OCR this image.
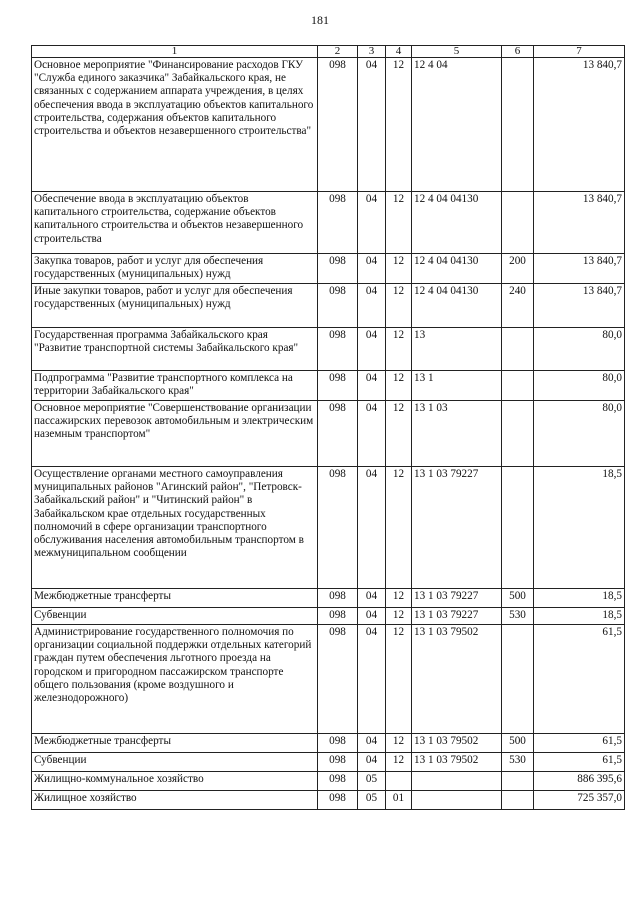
181
1	2	3	4	5	6	7
Основное мероприятие "Финансирование расходов ГКУ "Служба единого заказчика" Забайкальского края, не связанных с содержанием аппарата учреждения, в целях обеспечения ввода в эксплуатацию объектов капитального строительства, содержания объектов капитального строительства и объектов незавершенного строительства"	098	04	12	12 4 04		13 840,7
Обеспечение ввода в эксплуатацию объектов капитального строительства, содержание объектов капитального строительства и объектов незавершенного строительства	098	04	12	12 4 04 04130		13 840,7
Закупка товаров, работ и услуг для обеспечения государственных (муниципальных) нужд	098	04	12	12 4 04 04130	200	13 840,7
Иные закупки товаров, работ и услуг для обеспечения государственных (муниципальных) нужд	098	04	12	12 4 04 04130	240	13 840,7
Государственная программа Забайкальского края "Развитие транспортной системы Забайкальского края"	098	04	12	13		80,0
Подпрограмма "Развитие транспортного комплекса на территории Забайкальского края"	098	04	12	13 1		80,0
Основное мероприятие "Совершенствование организации пассажирских перевозок автомобильным и электрическим наземным транспортом"	098	04	12	13 1 03		80,0
Осуществление органами местного самоуправления муниципальных районов "Агинский район", "Петровск-Забайкальский район" и "Читинский район" в Забайкальском крае отдельных государственных полномочий в сфере организации транспортного обслуживания населения автомобильным транспортом в межмуниципальном сообщении	098	04	12	13 1 03 79227		18,5
Межбюджетные трансферты	098	04	12	13 1 03 79227	500	18,5
Субвенции	098	04	12	13 1 03 79227	530	18,5
Администрирование государственного полномочия по организации социальной поддержки отдельных категорий граждан путем обеспечения льготного проезда на городском и пригородном пассажирском транспорте общего пользования (кроме воздушного и железнодорожного)	098	04	12	13 1 03 79502		61,5
Межбюджетные трансферты	098	04	12	13 1 03 79502	500	61,5
Субвенции	098	04	12	13 1 03 79502	530	61,5
Жилищно-коммунальное хозяйство	098	05				886 395,6
Жилищное хозяйство	098	05	01			725 357,0
